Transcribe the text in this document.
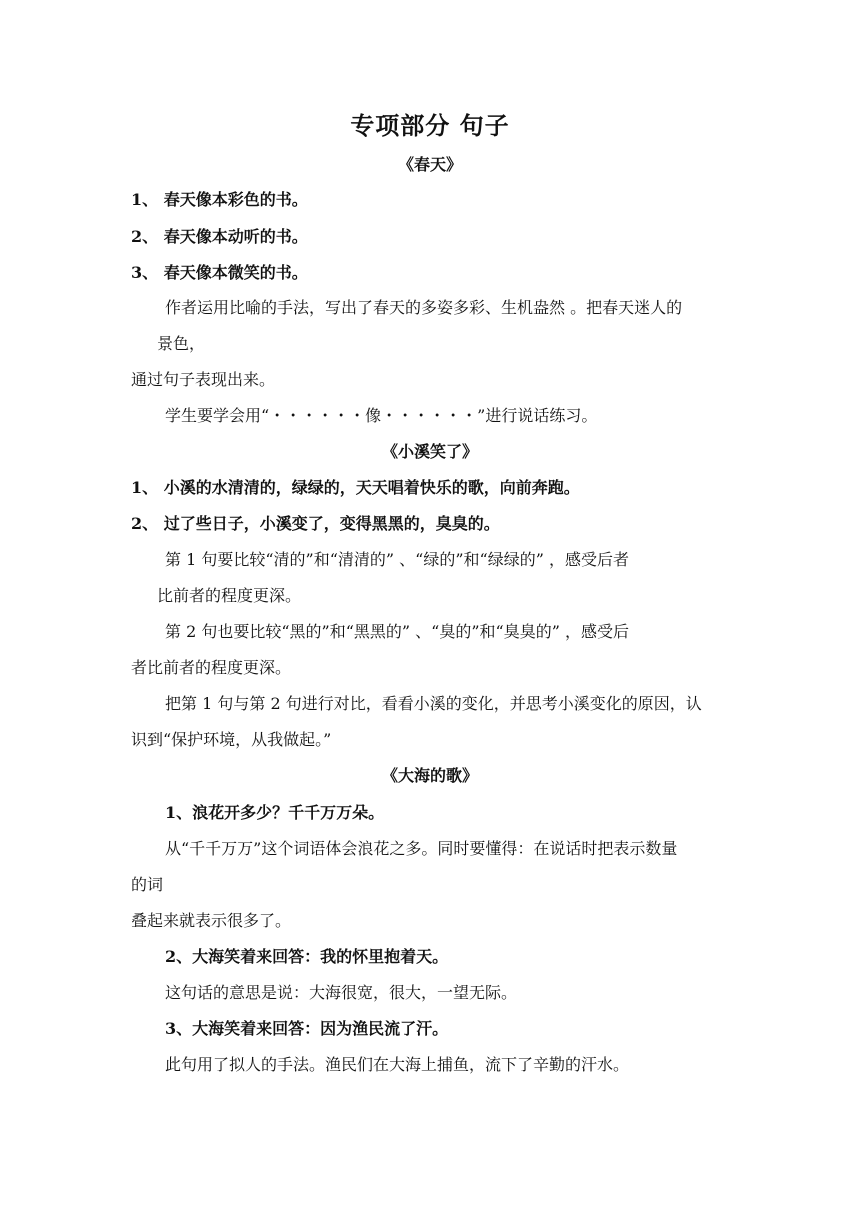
专项部分 句子
《春天》
1、 春天像本彩色的书。
2、 春天像本动听的书。
3、 春天像本微笑的书。
作者运用比喻的手法，写出了春天的多姿多彩、生机盎然 。把春天迷人的
景色，
通过句子表现出来。
学生要学会用“・・・・・・像・・・・・・”进行说话练习。
《小溪笑了》
1、 小溪的水清清的，绿绿的，天天唱着快乐的歌，向前奔跑。
2、 过了些日子，小溪变了，变得黑黑的，臭臭的。
第 1 句要比较“清的”和“清清的” 、“绿的”和“绿绿的” ，感受后者
比前者的程度更深。
第 2 句也要比较“黑的”和“黑黑的” 、“臭的”和“臭臭的” ，感受后
者比前者的程度更深。
把第 1 句与第 2 句进行对比，看看小溪的变化，并思考小溪变化的原因，认
识到“保护环境，从我做起。”
《大海的歌》
1、浪花开多少？千千万万朵。
从“千千万万”这个词语体会浪花之多。同时要懂得：在说话时把表示数量
的词
叠起来就表示很多了。
2、大海笑着来回答：我的怀里抱着天。
这句话的意思是说：大海很宽，很大，一望无际。
3、大海笑着来回答：因为渔民流了汗。
此句用了拟人的手法。渔民们在大海上捕鱼，流下了辛勤的汗水。
